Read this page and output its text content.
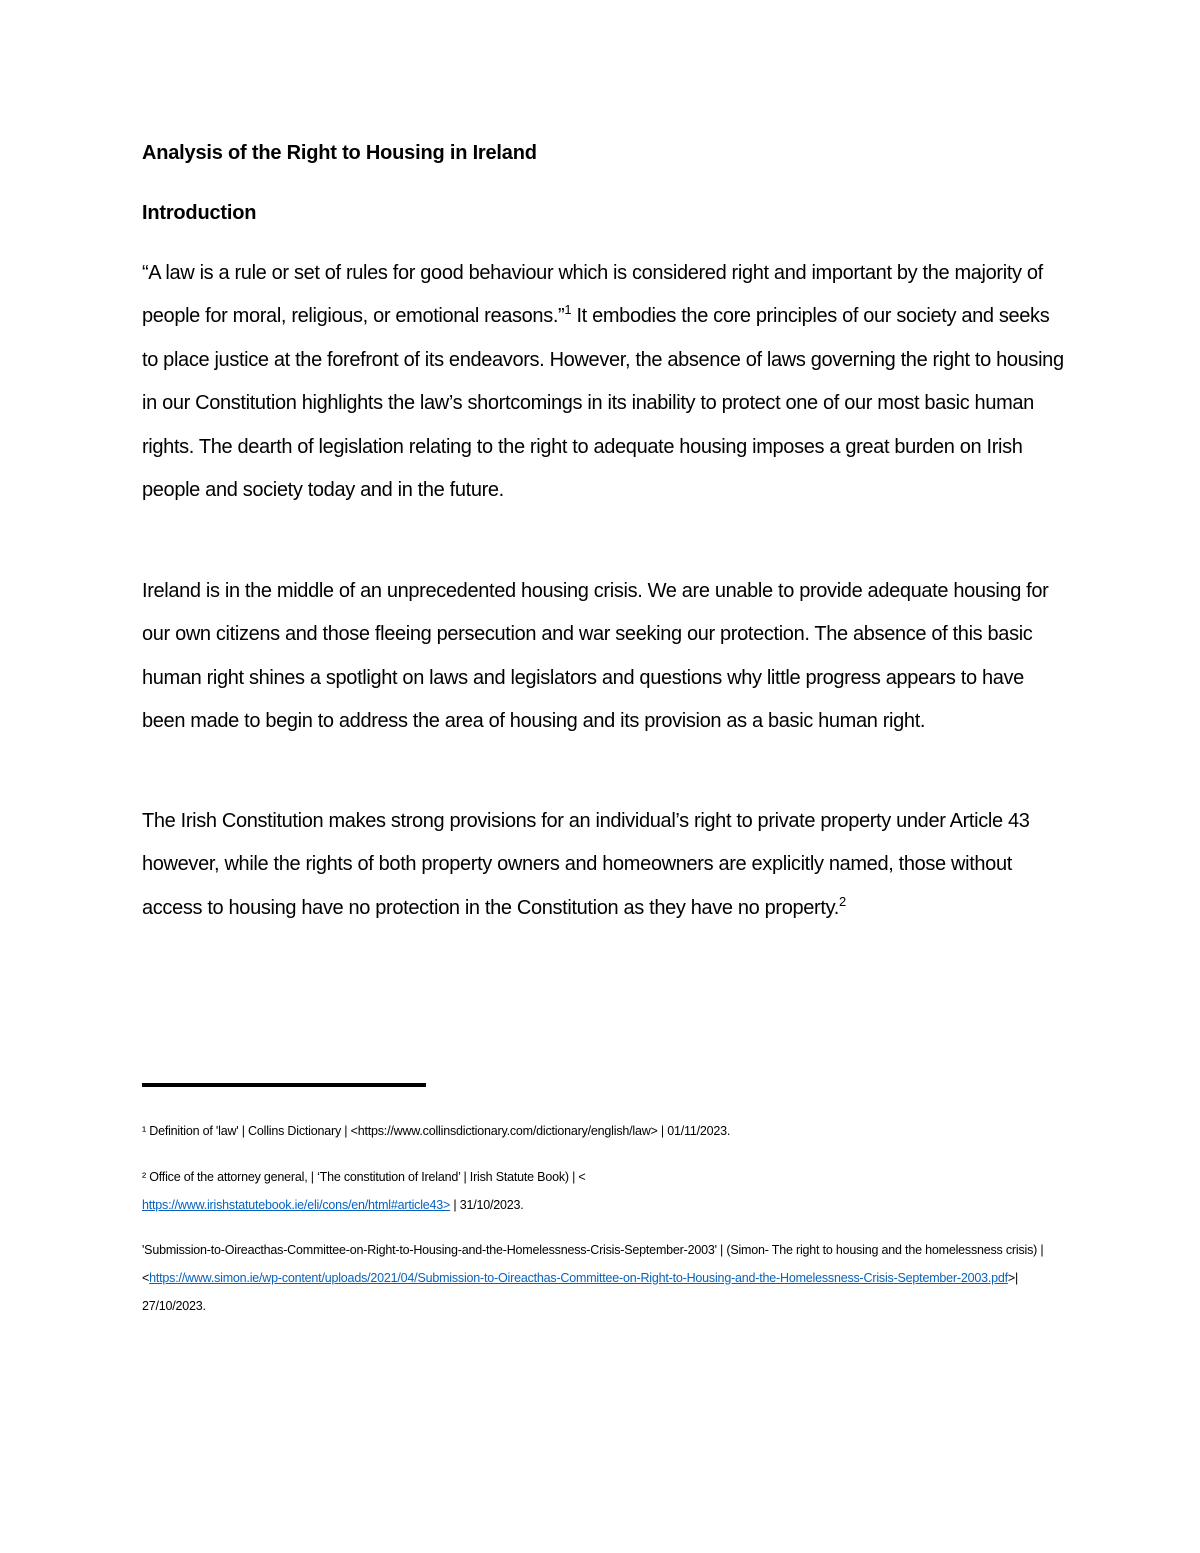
Analysis of the Right to Housing in Ireland
Introduction

“A law is a rule or set of rules for good behaviour which is considered right and important by the majority of people for moral, religious, or emotional reasons.”$^1$ It embodies the core principles of our society and seeks to place justice at the forefront of its endeavors. However, the absence of laws governing the right to housing in our Constitution highlights the law’s shortcomings in its inability to protect one of our most basic human rights. The dearth of legislation relating to the right to adequate housing imposes a great burden on Irish people and society today and in the future.

Ireland is in the middle of an unprecedented housing crisis. We are unable to provide adequate housing for our own citizens and those fleeing persecution and war seeking our protection. The absence of this basic human right shines a spotlight on laws and legislators and questions why little progress appears to have been made to begin to address the area of housing and its provision as a basic human right.

The Irish Constitution makes strong provisions for an individual’s right to private property under Article 43 however, while the rights of both property owners and homeowners are explicitly named, those without access to housing have no protection in the Constitution as they have no property.$^2$

¹ Definition of 'law' | Collins Dictionary | <https://www.collinsdictionary.com/dictionary/english/law> | 01/11/2023.

² Office of the attorney general, | ‘The constitution of Ireland’ | Irish Statute Book) | <
https://www.irishstatutebook.ie/eli/cons/en/html#article43> | 31/10/2023.

'Submission-to-Oireacthas-Committee-on-Right-to-Housing-and-the-Homelessness-Crisis-September-2003' | (Simon- The right to housing and the homelessness crisis) | <https://www.simon.ie/wp-content/uploads/2021/04/Submission-to-Oireacthas-Committee-on-Right-to-Housing-and-the-Homelessness-Crisis-September-2003.pdf>| 27/10/2023.
